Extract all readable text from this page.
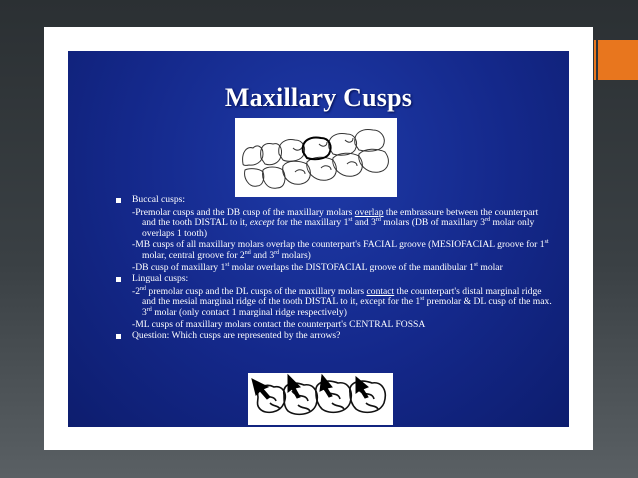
Maxillary Cusps
Buccal cusps:
-Premolar cusps and the DB cusp of the maxillary molars overlap the embrassure between the counterpart and the tooth DISTAL to it, except for the maxillary 1st and 3rd molars (DB of maxillary 3rd molar only overlaps 1 tooth)
-MB cusps of all maxillary molars overlap the counterpart's FACIAL groove (MESIOFACIAL groove for 1st molar, central groove for 2nd and 3rd molars)
-DB cusp of maxillary 1st molar overlaps the DISTOFACIAL groove of the mandibular 1st molar
Lingual cusps:
-2nd premolar cusp and the DL cusps of the maxillary molars contact the counterpart's distal marginal ridge and the mesial marginal ridge of the tooth DISTAL to it, except for the 1st premolar & DL cusp of the max. 3rd molar (only contact 1 marginal ridge respectively)
-ML cusps of maxillary molars contact the counterpart's CENTRAL FOSSA
Question: Which cusps are represented by the arrows?
